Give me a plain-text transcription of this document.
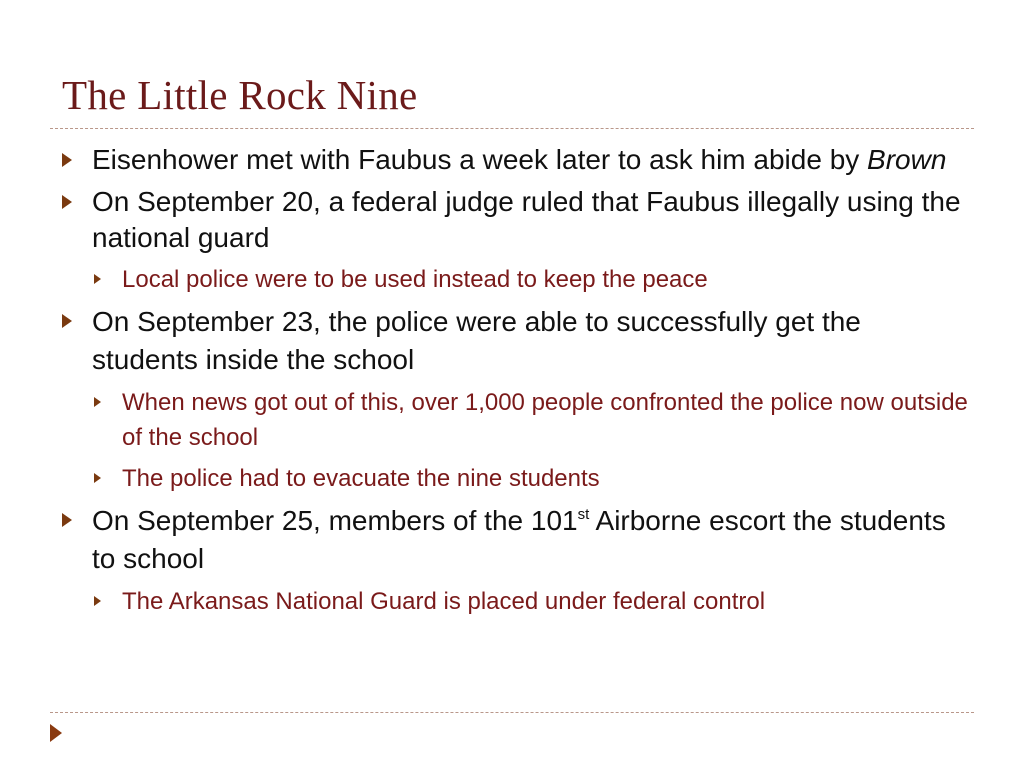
The Little Rock Nine
Eisenhower met with Faubus a week later to ask him abide by Brown
On September 20, a federal judge ruled that Faubus illegally using the national guard
Local police were to be used instead to keep the peace
On September 23, the police were able to successfully get the students inside the school
When news got out of this, over 1,000 people confronted the police now outside of the school
The police had to evacuate the nine students
On September 25, members of the 101st Airborne escort the students to school
The Arkansas National Guard is placed under federal control
